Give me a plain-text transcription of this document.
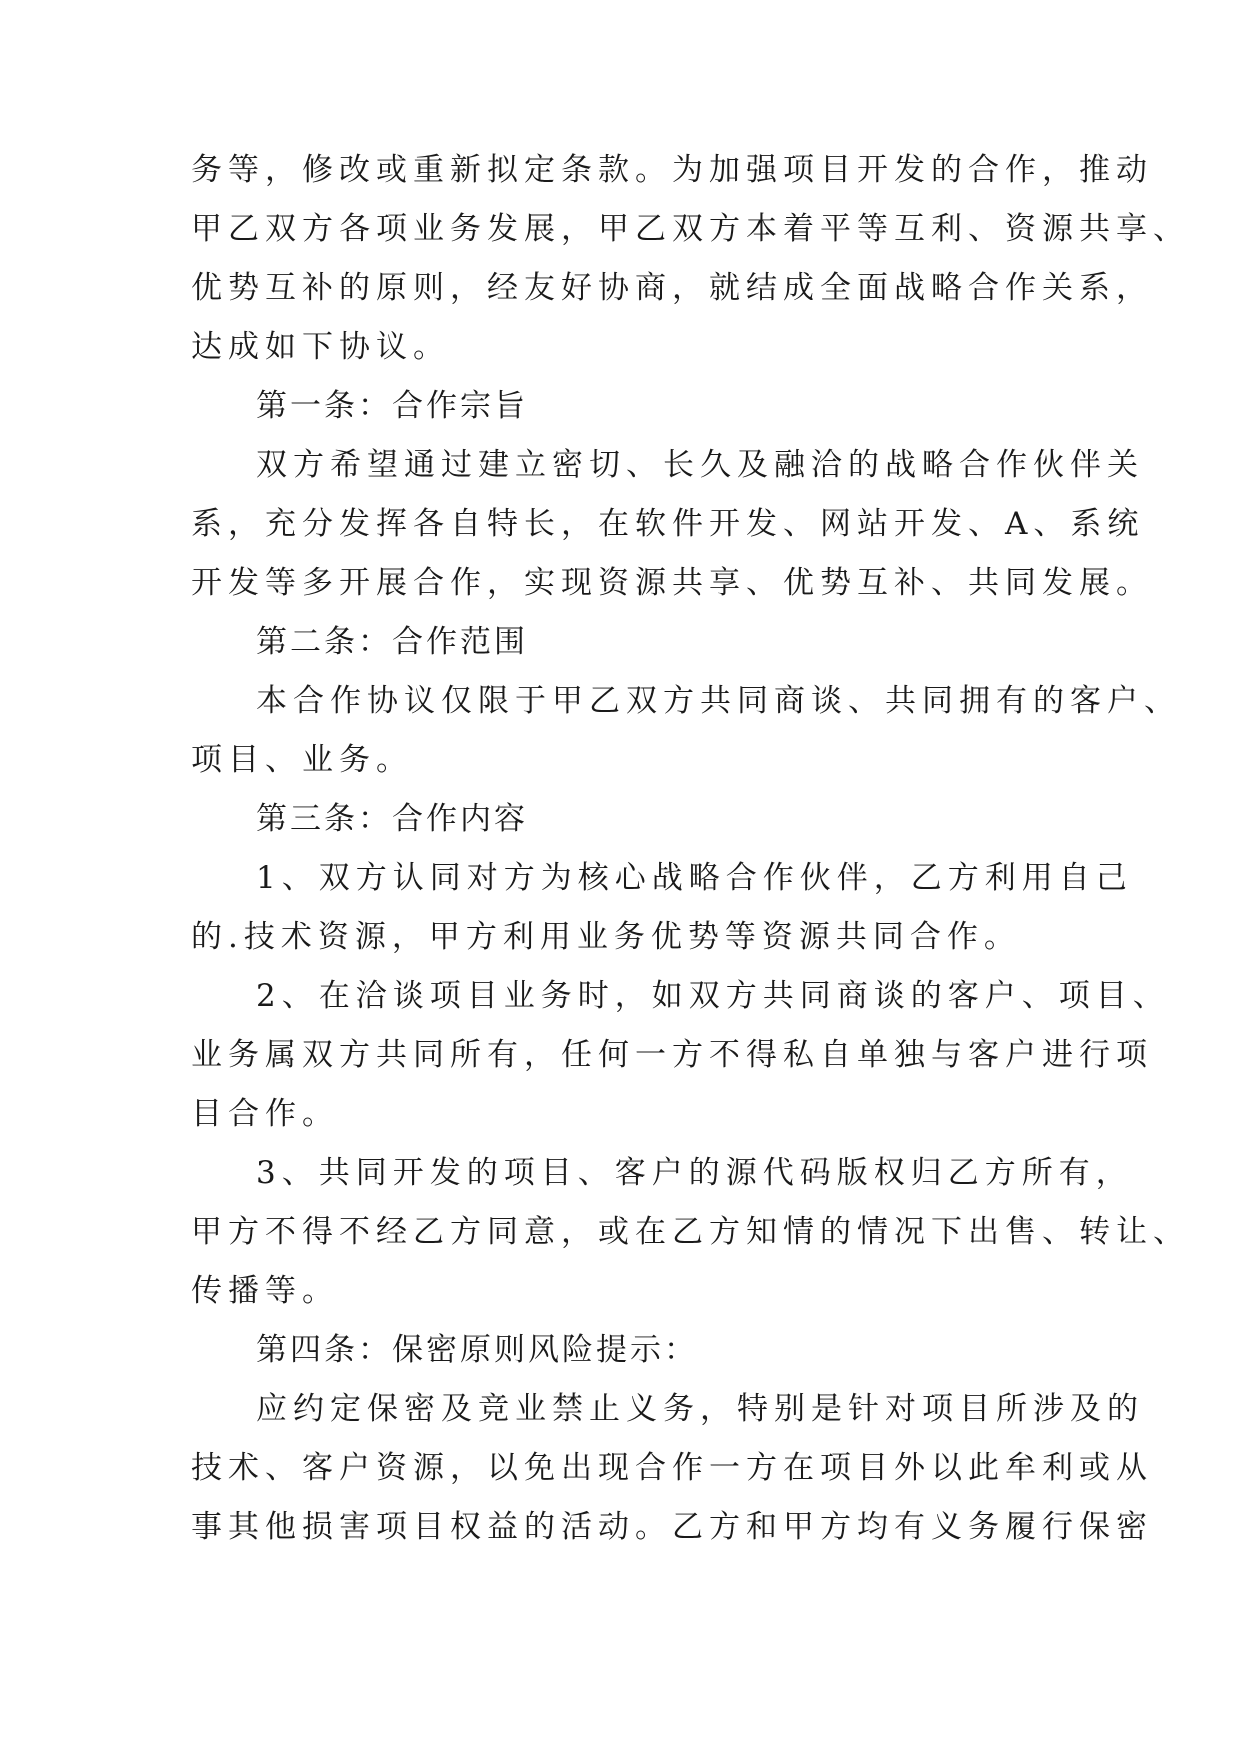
务等，修改或重新拟定条款。为加强项目开发的合作，推动
甲乙双方各项业务发展，甲乙双方本着平等互利、资源共享、
优势互补的原则，经友好协商，就结成全面战略合作关系，
达成如下协议。
第一条：合作宗旨
双方希望通过建立密切、长久及融洽的战略合作伙伴关
系，充分发挥各自特长，在软件开发、网站开发、A、系统
开发等多开展合作，实现资源共享、优势互补、共同发展。
第二条：合作范围
本合作协议仅限于甲乙双方共同商谈、共同拥有的客户、
项目、业务。
第三条：合作内容
1、双方认同对方为核心战略合作伙伴，乙方利用自己
的.技术资源，甲方利用业务优势等资源共同合作。
2、在洽谈项目业务时，如双方共同商谈的客户、项目、
业务属双方共同所有，任何一方不得私自单独与客户进行项
目合作。
3、共同开发的项目、客户的源代码版权归乙方所有，
甲方不得不经乙方同意，或在乙方知情的情况下出售、转让、
传播等。
第四条：保密原则风险提示：
应约定保密及竞业禁止义务，特别是针对项目所涉及的
技术、客户资源，以免出现合作一方在项目外以此牟利或从
事其他损害项目权益的活动。乙方和甲方均有义务履行保密
